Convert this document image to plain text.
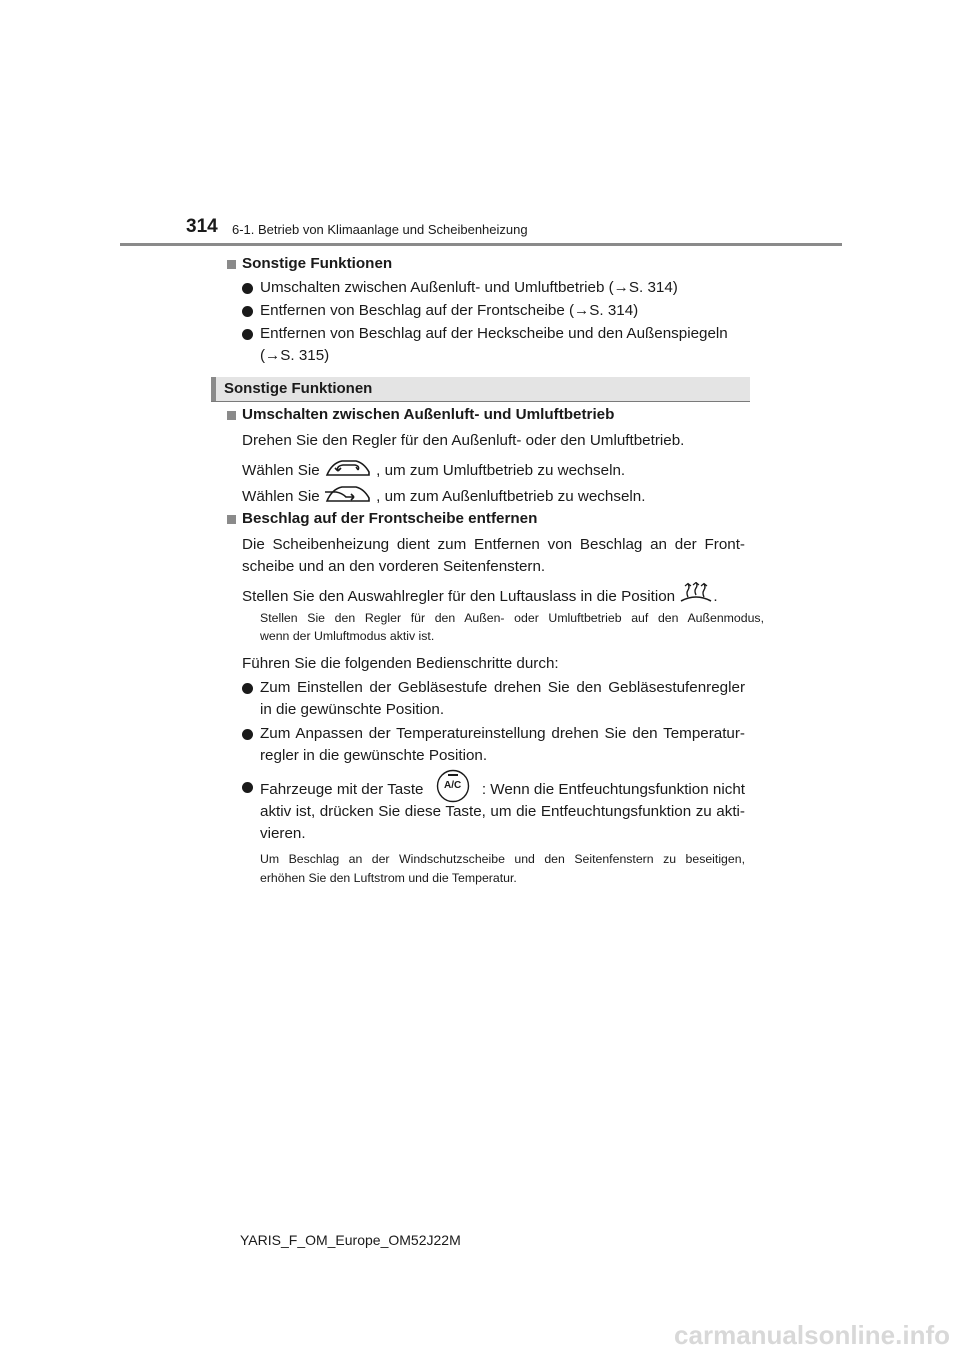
314 6-1. Betrieb von Klimaanlage und Scheibenheizung
Sonstige Funktionen
Umschalten zwischen Außenluft- und Umluftbetrieb (→S. 314)
Entfernen von Beschlag auf der Frontscheibe (→S. 314)
Entfernen von Beschlag auf der Heckscheibe und den Außenspiegeln
(→S. 315)
Sonstige Funktionen
Umschalten zwischen Außenluft- und Umluftbetrieb
Drehen Sie den Regler für den Außenluft- oder den Umluftbetrieb.
Wählen Sie	, um zum Umluftbetrieb zu wechseln.
Wählen Sie	, um zum Außenluftbetrieb zu wechseln.
Beschlag auf der Frontscheibe entfernen
Die Scheibenheizung dient zum Entfernen von Beschlag an der Front-
scheibe und an den vorderen Seitenfenstern.
Stellen Sie den Auswahlregler für den Luftauslass in die Position	.
Stellen Sie den Regler für den Außen- oder Umluftbetrieb auf den Außenmodus,
wenn der Umluftmodus aktiv ist.
Führen Sie die folgenden Bedienschritte durch:
Zum Einstellen der Gebläsestufe drehen Sie den Gebläsestufenregler
in die gewünschte Position.
Zum Anpassen der Temperatureinstellung drehen Sie den Temperatur-
regler in die gewünschte Position.
Fahrzeuge mit der Taste	A/C	: Wenn die Entfeuchtungsfunktion nicht
aktiv ist, drücken Sie diese Taste, um die Entfeuchtungsfunktion zu akti-
vieren.
Um Beschlag an der Windschutzscheibe und den Seitenfenstern zu beseitigen,
erhöhen Sie den Luftstrom und die Temperatur.
YARIS_F_OM_Europe_OM52J22M
carmanualsonline.info
